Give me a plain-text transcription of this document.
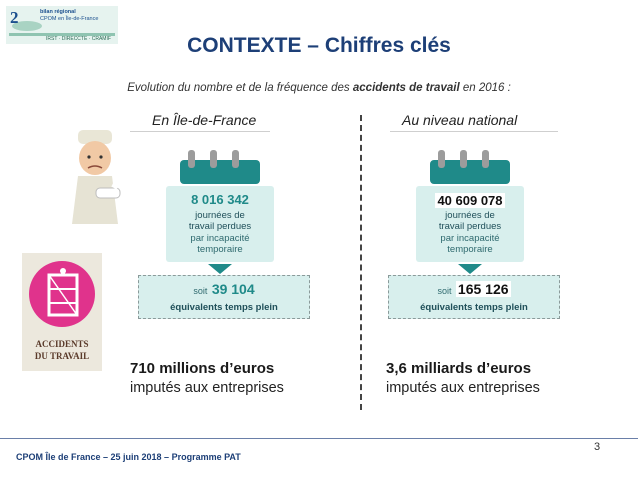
2	bilan régional
CPOM en Île-de-France
IRST · DIRECCTE · CRAMIF	CONTEXTE – Chiffres clés
Evolution du nombre et de la fréquence des accidents de travail en 2016 :
ACCIDENTS
DU TRAVAIL
En Île-de-France	Au niveau national
8 016 342
journées de
travail perdues
par incapacité
temporaire
soit 39 104
équivalents temps plein
40 609 078
journées de
travail perdues
par incapacité
temporaire
soit 165 126
équivalents temps plein
710 millions d’euros
imputés aux entreprises
3,6 milliards d’euros
imputés aux entreprises
3
CPOM Île de France – 25 juin 2018 – Programme PAT
